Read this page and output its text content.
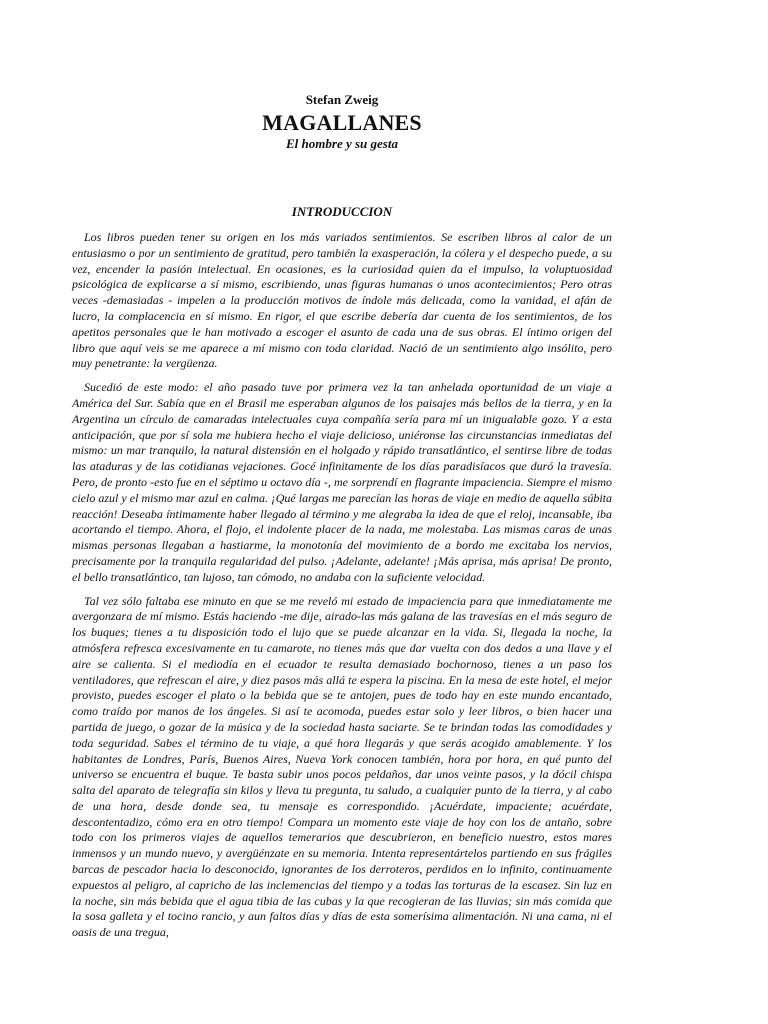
Stefan Zweig

MAGALLANES

El hombre y su gesta

INTRODUCCION

Los libros pueden tener su origen en los más variados sentimientos. Se escriben libros al calor de un entusiasmo o por un sentimiento de gratitud, pero también la exasperación, la cólera y el despecho puede, a su vez, encender la pasión intelectual. En ocasiones, es la curiosidad quien da el impulso, la voluptuosidad psicológica de explicarse a sí mismo, escribiendo, unas figuras humanas o unos acontecimientos; Pero otras veces -demasiadas - impelen a la producción motivos de índole más delicada, como la vanidad, el afán de lucro, la complacencia en sí mismo. En rigor, el que escribe debería dar cuenta de los sentimientos, de los apetitos personales que le han motivado a escoger el asunto de cada una de sus obras. El íntimo origen del libro que aquí veis se me aparece a mí mismo con toda claridad. Nació de un sentimiento algo insólito, pero muy penetrante: la vergüenza.

Sucedió de este modo: el año pasado tuve por primera vez la tan anhelada oportunidad de un viaje a América del Sur. Sabía que en el Brasil me esperaban algunos de los paisajes más bellos de la tierra, y en la Argentina un círculo de camaradas intelectuales cuya compañía sería para mí un inigualable gozo. Y a esta anticipación, que por sí sola me hubiera hecho el viaje delicioso, uniéronse las circunstancias inmediatas del mismo: un mar tranquilo, la natural distensión en el holgado y rápido transatlántico, el sentirse libre de todas las ataduras y de las cotidianas vejaciones. Gocé infinitamente de los días paradisíacos que duró la travesía. Pero, de pronto -esto fue en el séptimo u octavo día -, me sorprendí en flagrante impaciencia. Siempre el mismo cielo azul y el mismo mar azul en calma. ¡Qué largas me parecían las horas de viaje en medio de aquella súbita reacción! Deseaba íntimamente haber llegado al término y me alegraba la idea de que el reloj, incansable, iba acortando el tiempo. Ahora, el flojo, el indolente placer de la nada, me molestaba. Las mismas caras de unas mismas personas llegaban a hastiarme, la monotonía del movimiento de a bordo me excitaba los nervios, precisamente por la tranquila regularidad del pulso. ¡Adelante, adelante! ¡Más aprisa, más aprisa! De pronto, el bello transatlántico, tan lujoso, tan cómodo, no andaba con la suficiente velocidad.

Tal vez sólo faltaba ese minuto en que se me reveló mi estado de impaciencia para que inmediatamente me avergonzara de mí mismo. Estás haciendo -me dije, airado-las más galana de las travesías en el más seguro de los buques; tienes a tu disposición todo el lujo que se puede alcanzar en la vida. Si, llegada la noche, la atmósfera refresca excesivamente en tu camarote, no tienes más que dar vuelta con dos dedos a una llave y el aire se calienta. Si el mediodía en el ecuador te resulta demasiado bochornoso, tienes a un paso los ventiladores, que refrescan el aire, y diez pasos más allá te espera la piscina. En la mesa de este hotel, el mejor provisto, puedes escoger el plato o la bebida que se te antojen, pues de todo hay en este mundo encantado, como traído por manos de los ángeles. Si así te acomoda, puedes estar solo y leer libros, o bien hacer una partida de juego, o gozar de la música y de la sociedad hasta saciarte. Se te brindan todas las comodidades y toda seguridad. Sabes el término de tu viaje, a qué hora llegarás y que serás acogido amablemente. Y los habitantes de Londres, París, Buenos Aires, Nueva York conocen también, hora por hora, en qué punto del universo se encuentra el buque. Te basta subir unos pocos peldaños, dar unos veinte pasos, y la dócil chispa salta del aparato de telegrafía sin kilos y lleva tu pregunta, tu saludo, a cualquier punto de la tierra, y al cabo de una hora, desde donde sea, tu mensaje es correspondido. ¡Acuérdate, impaciente; acuérdate, descontentadizo, cómo era en otro tiempo! Compara un momento este viaje de hoy con los de antaño, sobre todo con los primeros viajes de aquellos temerarios que descubrieron, en beneficio nuestro, estos mares inmensos y un mundo nuevo, y avergüénzate en su memoria. Intenta representártelos partiendo en sus frágiles barcas de pescador hacia lo desconocido, ignorantes de los derroteros, perdidos en lo infinito, continuamente expuestos al peligro, al capricho de las inclemencias del tiempo y a todas las torturas de la escasez. Sin luz en la noche, sin más bebida que el agua tibia de las cubas y la que recogieran de las lluvias; sin más comida que la sosa galleta y el tocino rancio, y aun faltos días y días de esta somerísima alimentación. Ni una cama, ni el oasis de una tregua,
